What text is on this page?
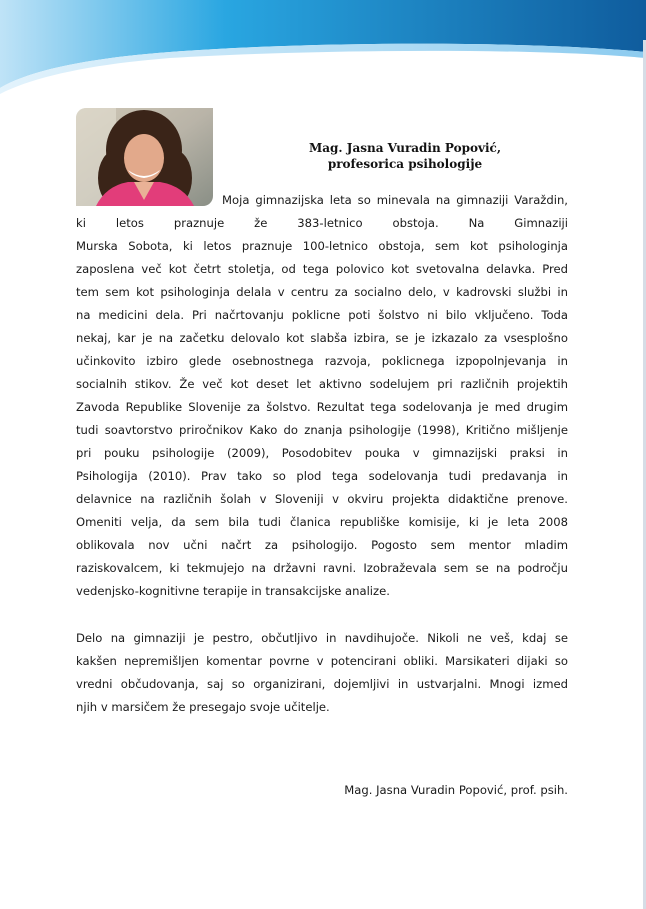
Mag. Jasna Vuradin Popović,
profesorica psihologije
Moja gimnazijska leta so minevala na gimnaziji Varaždin,
ki letos praznuje že 383-letnico obstoja. Na Gimnaziji
Murska Sobota, ki letos praznuje 100-letnico obstoja, sem kot psihologinja
zaposlena več kot četrt stoletja, od tega polovico kot svetovalna delavka. Pred
tem sem kot psihologinja delala v centru za socialno delo, v kadrovski službi in
na medicini dela. Pri načrtovanju poklicne poti šolstvo ni bilo vključeno. Toda
nekaj, kar je na začetku delovalo kot slabša izbira, se je izkazalo za vsesplošno
učinkovito izbiro glede osebnostnega razvoja, poklicnega izpopolnjevanja in
socialnih stikov. Že več kot deset let aktivno sodelujem pri različnih projektih
Zavoda Republike Slovenije za šolstvo. Rezultat tega sodelovanja je med drugim
tudi soavtorstvo priročnikov Kako do znanja psihologije (1998), Kritično mišljenje
pri pouku psihologije (2009), Posodobitev pouka v gimnazijski praksi in
Psihologija (2010). Prav tako so plod tega sodelovanja tudi predavanja in
delavnice na različnih šolah v Sloveniji v okviru projekta didaktične prenove.
Omeniti velja, da sem bila tudi članica republiške komisije, ki je leta 2008
oblikovala nov učni načrt za psihologijo. Pogosto sem mentor mladim
raziskovalcem, ki tekmujejo na državni ravni. Izobraževala sem se na področju
vedenjsko-kognitivne terapije in transakcijske analize.
Delo na gimnaziji je pestro, občutljivo in navdihujoče. Nikoli ne veš, kdaj se
kakšen nepremišljen komentar povrne v potencirani obliki. Marsikateri dijaki so
vredni občudovanja, saj so organizirani, dojemljivi in ustvarjalni. Mnogi izmed
njih v marsičem že presegajo svoje učitelje.
Mag. Jasna Vuradin Popović, prof. psih.
